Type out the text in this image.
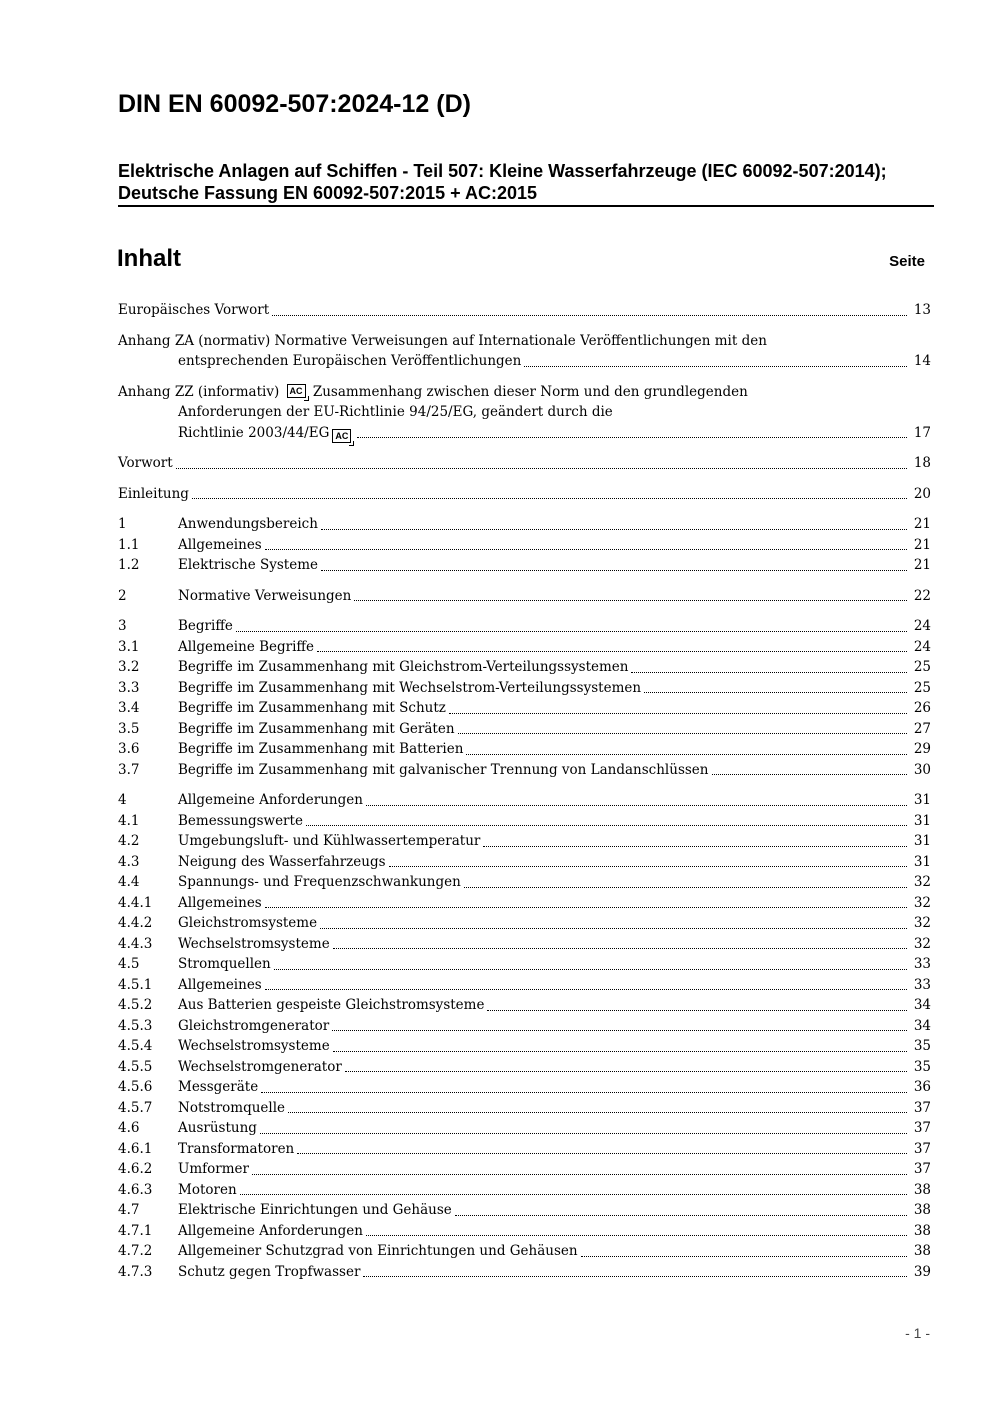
DIN EN 60092-507:2024-12 (D)

Elektrische Anlagen auf Schiffen - Teil 507: Kleine Wasserfahrzeuge (IEC 60092-507:2014); Deutsche Fassung EN 60092-507:2015 + AC:2015

Inhalt	Seite
Europäisches Vorwort	13
Anhang ZA (normativ) Normative Verweisungen auf Internationale Veröffentlichungen mit den
entsprechenden Europäischen Veröffentlichungen	14
Anhang ZZ (informativ) AC Zusammenhang zwischen dieser Norm und den grundlegenden
Anforderungen der EU-Richtlinie 94/25/EG, geändert durch die
Richtlinie 2003/44/EG AC	17
Vorwort	18
Einleitung	20
1	Anwendungsbereich	21
1.1	Allgemeines	21
1.2	Elektrische Systeme	21
2	Normative Verweisungen	22
3	Begriffe	24
3.1	Allgemeine Begriffe	24
3.2	Begriffe im Zusammenhang mit Gleichstrom-Verteilungssystemen	25
3.3	Begriffe im Zusammenhang mit Wechselstrom-Verteilungssystemen	25
3.4	Begriffe im Zusammenhang mit Schutz	26
3.5	Begriffe im Zusammenhang mit Geräten	27
3.6	Begriffe im Zusammenhang mit Batterien	29
3.7	Begriffe im Zusammenhang mit galvanischer Trennung von Landanschlüssen	30
4	Allgemeine Anforderungen	31
4.1	Bemessungswerte	31
4.2	Umgebungsluft- und Kühlwassertemperatur	31
4.3	Neigung des Wasserfahrzeugs	31
4.4	Spannungs- und Frequenzschwankungen	32
4.4.1	Allgemeines	32
4.4.2	Gleichstromsysteme	32
4.4.3	Wechselstromsysteme	32
4.5	Stromquellen	33
4.5.1	Allgemeines	33
4.5.2	Aus Batterien gespeiste Gleichstromsysteme	34
4.5.3	Gleichstromgenerator	34
4.5.4	Wechselstromsysteme	35
4.5.5	Wechselstromgenerator	35
4.5.6	Messgeräte	36
4.5.7	Notstromquelle	37
4.6	Ausrüstung	37
4.6.1	Transformatoren	37
4.6.2	Umformer	37
4.6.3	Motoren	38
4.7	Elektrische Einrichtungen und Gehäuse	38
4.7.1	Allgemeine Anforderungen	38
4.7.2	Allgemeiner Schutzgrad von Einrichtungen und Gehäusen	38
4.7.3	Schutz gegen Tropfwasser	39
- 1 -
